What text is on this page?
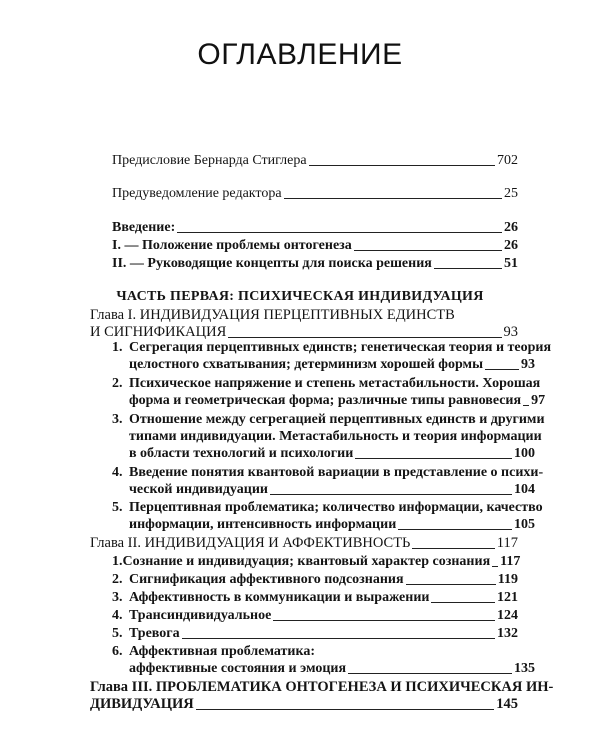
ОГЛАВЛЕНИЕ
Предисловие Бернарда Стиглера	702
Предуведомление редактора	25
Введение:	26
I. — Положение проблемы онтогенеза	26
II. — Руководящие концепты для поиска решения	51
ЧАСТЬ ПЕРВАЯ: ПСИХИЧЕСКАЯ ИНДИВИДУАЦИЯ
Глава I. ИНДИВИДУАЦИЯ ПЕРЦЕПТИВНЫХ ЕДИНСТВ
И СИГНИФИКАЦИЯ	93
1. Сегрегация перцептивных единств; генетическая теория и теория
целостного схватывания; детерминизм хорошей формы	93
2. Психическое напряжение и степень метастабильности. Хорошая
форма и геометрическая форма; различные типы равновесия 97
3. Отношение между сегрегацией перцептивных единств и другими
типами индивидуации. Метастабильность и теория информации
в области технологий и психологии	100
4. Введение понятия квантовой вариации в представление о психи-
ческой индивидуации	104
5. Перцептивная проблематика; количество информации, качество
информации, интенсивность информации	105
Глава II. ИНДИВИДУАЦИЯ И АФФЕКТИВНОСТЬ	117
1. Сознание и индивидуация; квантовый характер сознания 117
2. Сигнификация аффективного подсознания	119
3. Аффективность в коммуникации и выражении	121
4. Трансиндивидуальное	124
5. Тревога	132
6. Аффективная проблематика:
аффективные состояния и эмоция	135
Глава III. ПРОБЛЕМАТИКА ОНТОГЕНЕЗА И ПСИХИЧЕСКАЯ ИН-
ДИВИДУАЦИЯ	145
